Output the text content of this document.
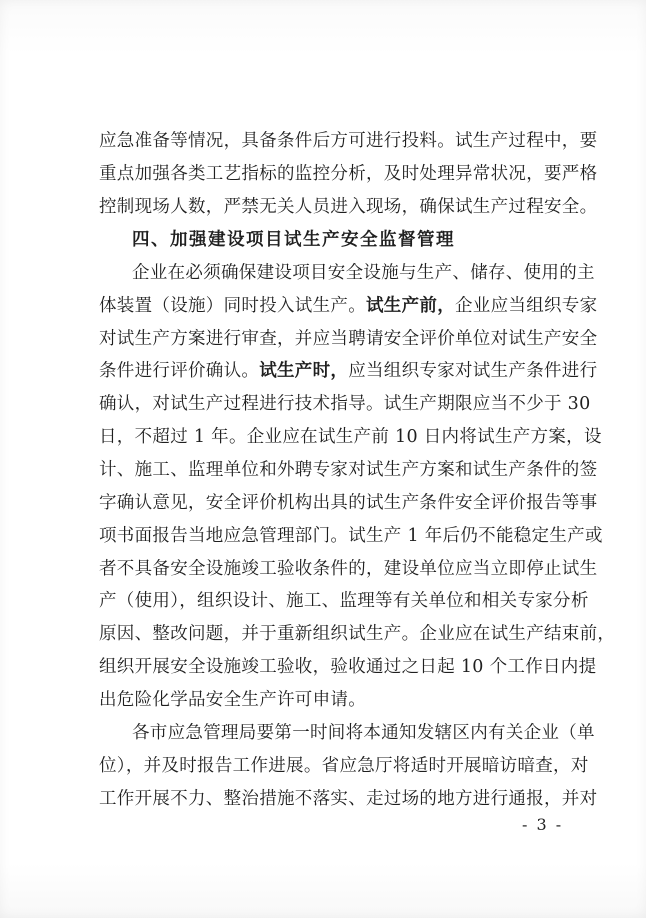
应急准备等情况，具备条件后方可进行投料。试生产过程中，要
重点加强各类工艺指标的监控分析，及时处理异常状况，要严格
控制现场人数，严禁无关人员进入现场，确保试生产过程安全。
四、加强建设项目试生产安全监督管理
企业在必须确保建设项目安全设施与生产、储存、使用的主
体装置（设施）同时投入试生产。试生产前，企业应当组织专家
对试生产方案进行审查，并应当聘请安全评价单位对试生产安全
条件进行评价确认。试生产时，应当组织专家对试生产条件进行
确认，对试生产过程进行技术指导。试生产期限应当不少于 30
日，不超过 1 年。企业应在试生产前 10 日内将试生产方案，设
计、施工、监理单位和外聘专家对试生产方案和试生产条件的签
字确认意见，安全评价机构出具的试生产条件安全评价报告等事
项书面报告当地应急管理部门。试生产 1 年后仍不能稳定生产或
者不具备安全设施竣工验收条件的，建设单位应当立即停止试生
产（使用），组织设计、施工、监理等有关单位和相关专家分析
原因、整改问题，并于重新组织试生产。企业应在试生产结束前，
组织开展安全设施竣工验收，验收通过之日起 10 个工作日内提
出危险化学品安全生产许可申请。
各市应急管理局要第一时间将本通知发辖区内有关企业（单
位），并及时报告工作进展。省应急厅将适时开展暗访暗查，对
工作开展不力、整治措施不落实、走过场的地方进行通报，并对
- 3 -
